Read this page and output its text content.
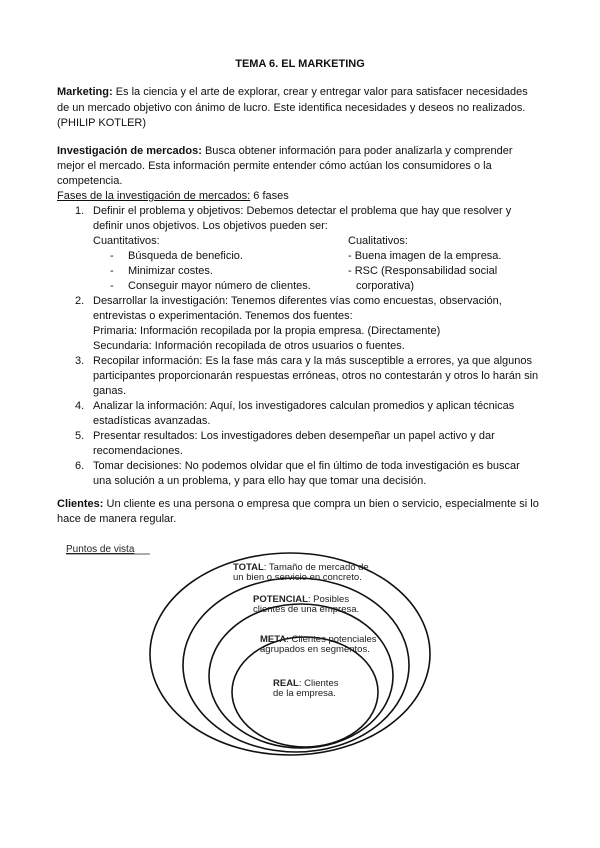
TEMA 6. EL MARKETING
Marketing: Es la ciencia y el arte de explorar, crear y entregar valor para satisfacer necesidades
de un mercado objetivo con ánimo de lucro. Este identifica necesidades y deseos no realizados.
(PHILIP KOTLER)
Investigación de mercados: Busca obtener información para poder analizarla y comprender
mejor el mercado. Esta información permite entender cómo actúan los consumidores o la
competencia.
Fases de la investigación de mercados: 6 fases
1. Definir el problema y objetivos: Debemos detectar el problema que hay que resolver y
definir unos objetivos. Los objetivos pueden ser:
Cuantitativos:
- Búsqueda de beneficio.
- Minimizar costes.
- Conseguir mayor número de clientes.
Cualitativos:
- Buena imagen de la empresa.
- RSC (Responsabilidad social
corporativa)
2. Desarrollar la investigación: Tenemos diferentes vías como encuestas, observación,
entrevistas o experimentación. Tenemos dos fuentes:
Primaria: Información recopilada por la propia empresa. (Directamente)
Secundaria: Información recopilada de otros usuarios o fuentes.
3. Recopilar información: Es la fase más cara y la más susceptible a errores, ya que algunos
participantes proporcionarán respuestas erróneas, otros no contestarán y otros lo harán sin
ganas.
4. Analizar la información: Aquí, los investigadores calculan promedios y aplican técnicas
estadísticas avanzadas.
5. Presentar resultados: Los investigadores deben desempeñar un papel activo y dar
recomendaciones.
6. Tomar decisiones: No podemos olvidar que el fin último de toda investigación es buscar
una solución a un problema, y para ello hay que tomar una decisión.
Clientes: Un cliente es una persona o empresa que compra un bien o servicio, especialmente si lo
hace de manera regular.
Puntos de vista
TOTAL: Tamaño de mercado de
un bien o servicio en concreto.
POTENCIAL: Posibles
clientes de una empresa.
META: Clientes potenciales
agrupados en segmentos.
REAL: Clientes
de la empresa.
